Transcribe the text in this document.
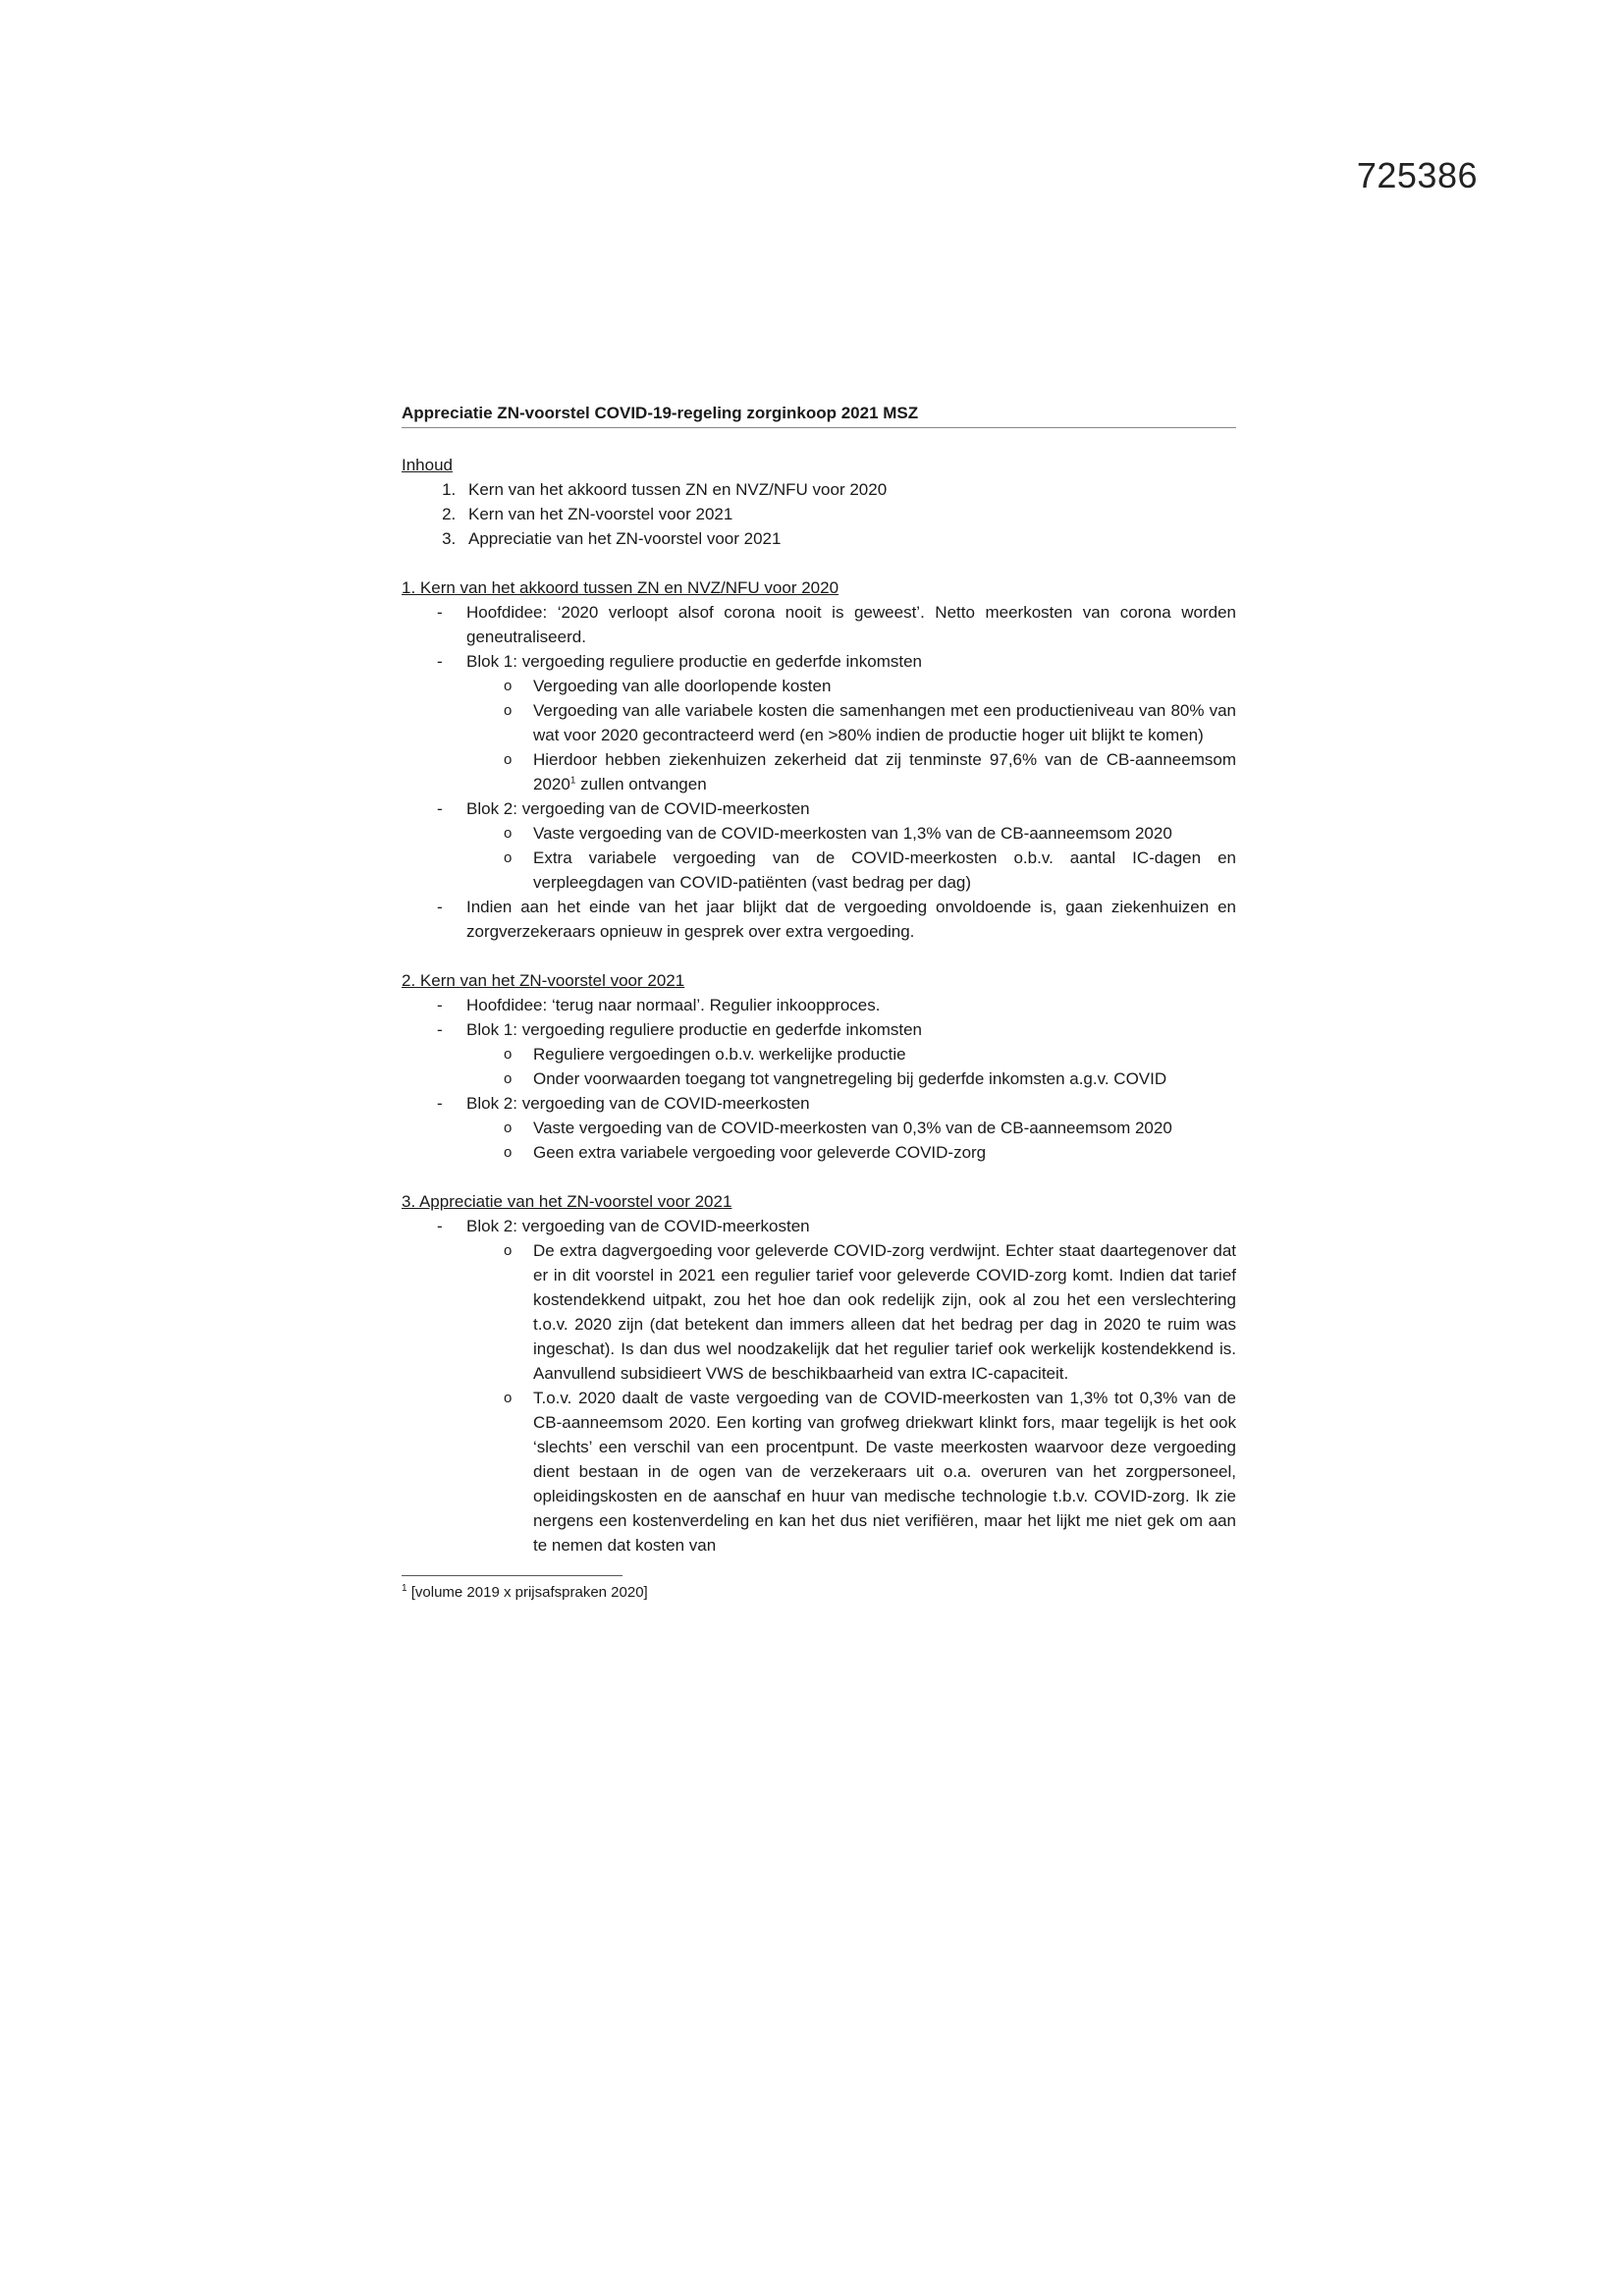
725386
Appreciatie ZN-voorstel COVID-19-regeling zorginkoop 2021 MSZ

Inhoud

1. Kern van het akkoord tussen ZN en NVZ/NFU voor 2020
2. Kern van het ZN-voorstel voor 2021
3. Appreciatie van het ZN-voorstel voor 2021

1. Kern van het akkoord tussen ZN en NVZ/NFU voor 2020

- Hoofdidee: ‘2020 verloopt alsof corona nooit is geweest’. Netto meerkosten van corona worden geneutraliseerd.
- Blok 1: vergoeding reguliere productie en gederfde inkomsten
o Vergoeding van alle doorlopende kosten
o Vergoeding van alle variabele kosten die samenhangen met een productieniveau van 80% van wat voor 2020 gecontracteerd werd (en >80% indien de productie hoger uit blijkt te komen)
o Hierdoor hebben ziekenhuizen zekerheid dat zij tenminste 97,6% van de CB-aanneemsom 2020$^1$ zullen ontvangen
- Blok 2: vergoeding van de COVID-meerkosten
o Vaste vergoeding van de COVID-meerkosten van 1,3% van de CB-aanneemsom 2020
o Extra variabele vergoeding van de COVID-meerkosten o.b.v. aantal IC-dagen en verpleegdagen van COVID-patiënten (vast bedrag per dag)
- Indien aan het einde van het jaar blijkt dat de vergoeding onvoldoende is, gaan ziekenhuizen en zorgverzekeraars opnieuw in gesprek over extra vergoeding.

2. Kern van het ZN-voorstel voor 2021

- Hoofdidee: ‘terug naar normaal’. Regulier inkoopproces.
- Blok 1: vergoeding reguliere productie en gederfde inkomsten
o Reguliere vergoedingen o.b.v. werkelijke productie
o Onder voorwaarden toegang tot vangnetregeling bij gederfde inkomsten a.g.v. COVID
- Blok 2: vergoeding van de COVID-meerkosten
o Vaste vergoeding van de COVID-meerkosten van 0,3% van de CB-aanneemsom 2020
o Geen extra variabele vergoeding voor geleverde COVID-zorg

3. Appreciatie van het ZN-voorstel voor 2021

- Blok 2: vergoeding van de COVID-meerkosten
o De extra dagvergoeding voor geleverde COVID-zorg verdwijnt. Echter staat daartegenover dat er in dit voorstel in 2021 een regulier tarief voor geleverde COVID-zorg komt. Indien dat tarief kostendekkend uitpakt, zou het hoe dan ook redelijk zijn, ook al zou het een verslechtering t.o.v. 2020 zijn (dat betekent dan immers alleen dat het bedrag per dag in 2020 te ruim was ingeschat). Is dan dus wel noodzakelijk dat het regulier tarief ook werkelijk kostendekkend is. Aanvullend subsidieert VWS de beschikbaarheid van extra IC-capaciteit.
o T.o.v. 2020 daalt de vaste vergoeding van de COVID-meerkosten van 1,3% tot 0,3% van de CB-aanneemsom 2020. Een korting van grofweg driekwart klinkt fors, maar tegelijk is het ook ‘slechts’ een verschil van een procentpunt. De vaste meerkosten waarvoor deze vergoeding dient bestaan in de ogen van de verzekeraars uit o.a. overuren van het zorgpersoneel, opleidingskosten en de aanschaf en huur van medische technologie t.b.v. COVID-zorg. Ik zie nergens een kostenverdeling en kan het dus niet verifiëren, maar het lijkt me niet gek om aan te nemen dat kosten van
$^1$ [volume 2019 x prijsafspraken 2020]
